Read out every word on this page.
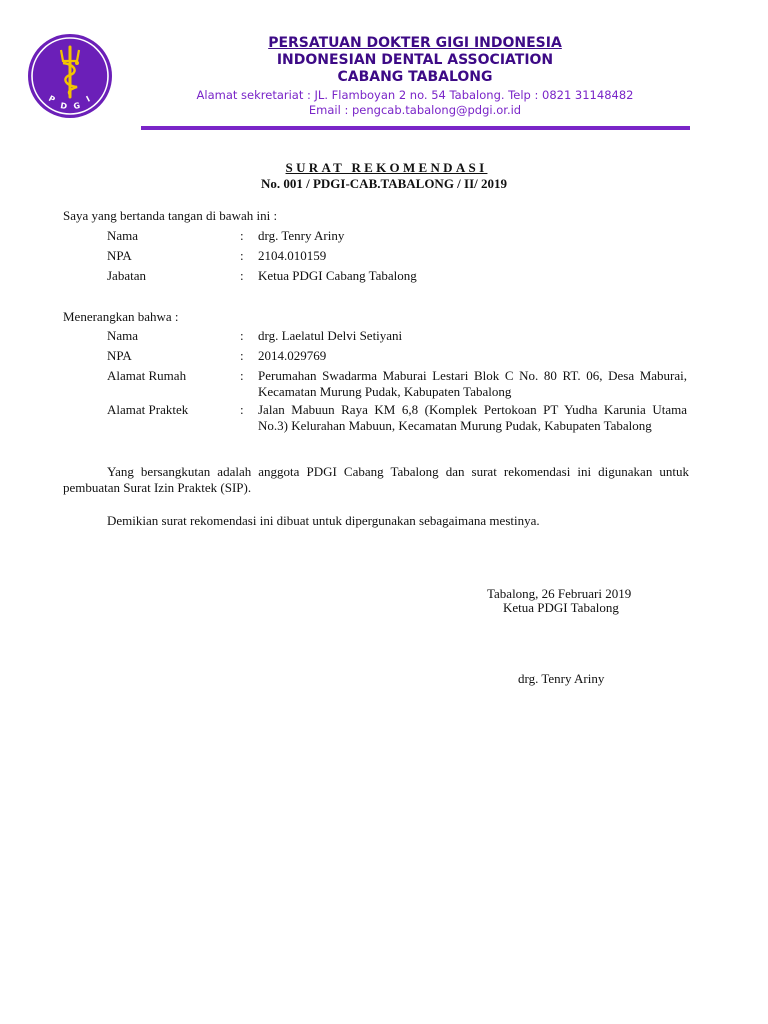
P
D G
I
PERSATUAN DOKTER GIGI INDONESIA
INDONESIAN DENTAL ASSOCIATION
CABANG TABALONG
Alamat sekretariat : JL. Flamboyan 2 no. 54 Tabalong. Telp : 0821 31148482
Email : pengcab.tabalong@pdgi.or.id
SURAT REKOMENDASI
No. 001 / PDGI-CAB.TABALONG / II/ 2019
Saya yang bertanda tangan di bawah ini :
Nama	:	drg. Tenry Ariny
NPA	:	2104.010159
Jabatan	:	Ketua PDGI Cabang Tabalong
Menerangkan bahwa :
Nama	:	drg. Laelatul Delvi Setiyani
NPA	:	2014.029769
Alamat Rumah	:	Perumahan Swadarma Maburai Lestari Blok C No. 80 RT. 06, Desa Maburai, Kecamatan Murung Pudak, Kabupaten Tabalong
Alamat Praktek	:	Jalan Mabuun Raya KM 6,8 (Komplek Pertokoan PT Yudha Karunia Utama No.3) Kelurahan Mabuun, Kecamatan Murung Pudak, Kabupaten Tabalong
Yang bersangkutan adalah anggota PDGI Cabang Tabalong dan surat rekomendasi ini digunakan untuk pembuatan Surat Izin Praktek (SIP).
Demikian surat rekomendasi ini dibuat untuk dipergunakan sebagaimana mestinya.
Tabalong, 26 Februari 2019
Ketua PDGI Tabalong
drg. Tenry Ariny
